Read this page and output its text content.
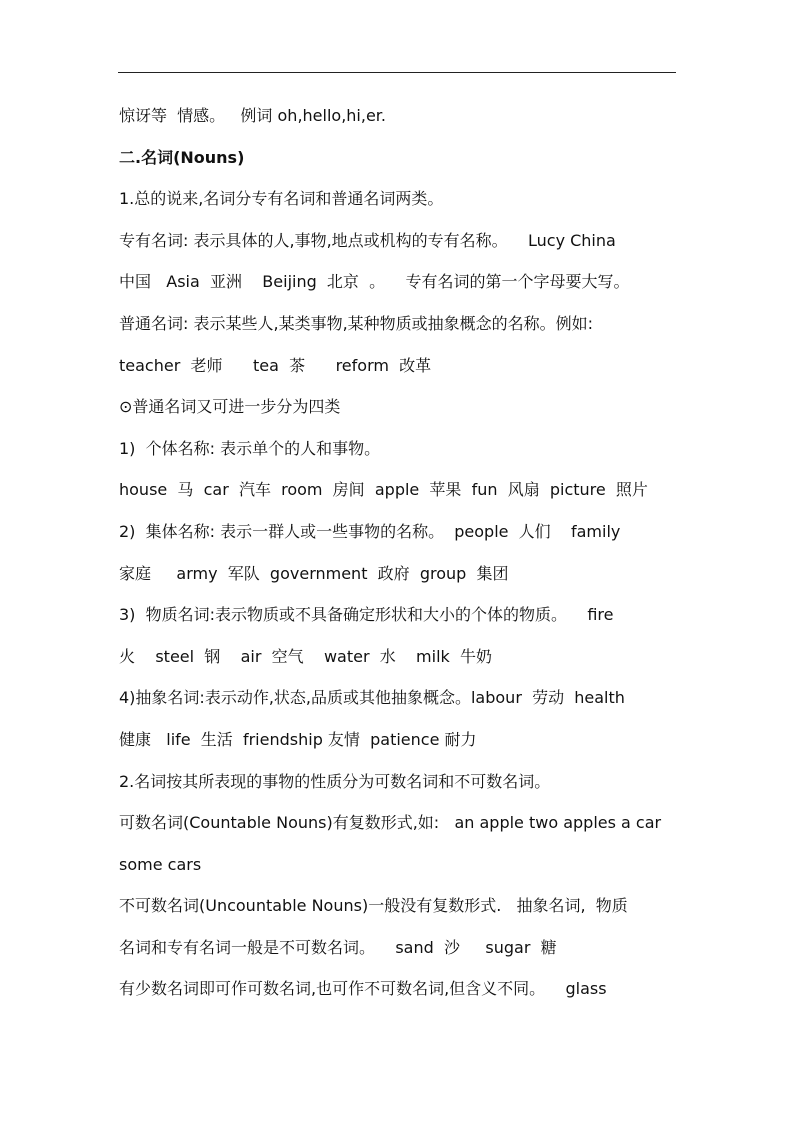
惊讶等  情感。   例词 oh,hello,hi,er.
二.名词(Nouns)
1.总的说来,名词分专有名词和普通名词两类。
专有名词: 表示具体的人,事物,地点或机构的专有名称。    Lucy China
中国   Asia  亚洲    Beijing  北京  。    专有名词的第一个字母要大写。
普通名词: 表示某些人,某类事物,某种物质或抽象概念的名称。例如:
teacher  老师      tea  茶      reform  改革
⊙普通名词又可进一步分为四类
1)  个体名称: 表示单个的人和事物。
house  马  car  汽车  room  房间  apple  苹果  fun  风扇  picture  照片
2)  集体名称: 表示一群人或一些事物的名称。  people  人们    family
家庭     army  军队  government  政府  group  集团
3)  物质名词:表示物质或不具备确定形状和大小的个体的物质。    fire
火    steel  钢    air  空气    water  水    milk  牛奶
4)抽象名词:表示动作,状态,品质或其他抽象概念。labour  劳动  health
健康   life  生活  friendship 友情  patience 耐力
2.名词按其所表现的事物的性质分为可数名词和不可数名词。
可数名词(Countable Nouns)有复数形式,如:   an apple two apples a car
some cars
不可数名词(Uncountable Nouns)一般没有复数形式.   抽象名词,  物质
名词和专有名词一般是不可数名词。    sand  沙     sugar  糖
有少数名词即可作可数名词,也可作不可数名词,但含义不同。    glass
